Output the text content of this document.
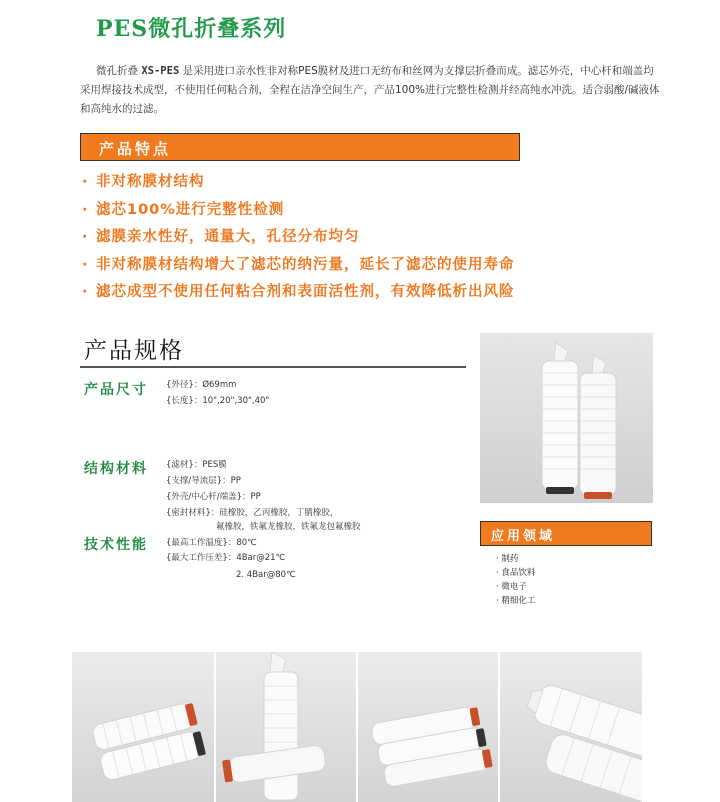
PES微孔折叠系列
微孔折叠 XS-PES 是采用进口亲水性非对称PES膜材及进口无纺布和丝网为支撑层折叠而成。滤芯外壳，中心杆和端盖均采用焊接技术成型，不使用任何粘合剂，全程在洁净空间生产，产品100%进行完整性检测并经高纯水冲洗。适合弱酸/碱液体和高纯水的过滤。
产品特点
· 非对称膜材结构
· 滤芯100%进行完整性检测
· 滤膜亲水性好，通量大，孔径分布均匀
· 非对称膜材结构增大了滤芯的纳污量，延长了滤芯的使用寿命
· 滤芯成型不使用任何粘合剂和表面活性剂，有效降低析出风险
产品规格
产品尺寸 {外径}：Ø69mm
{长度}：10",20",30",40"
结构材料 {滤材}：PES膜
{支撑/导流层}：PP
{外壳/中心杆/端盖}：PP
{密封材料}：硅橡胶，乙丙橡胶，丁腈橡胶，
氟橡胶，铁氟龙橡胶，铁氟龙包氟橡胶
技术性能 {最高工作温度}：80℃
{最大工作压差}：4Bar@21℃
2. 4Bar@80℃
应用领域
· 制药
· 食品饮料
· 微电子
· 精细化工
